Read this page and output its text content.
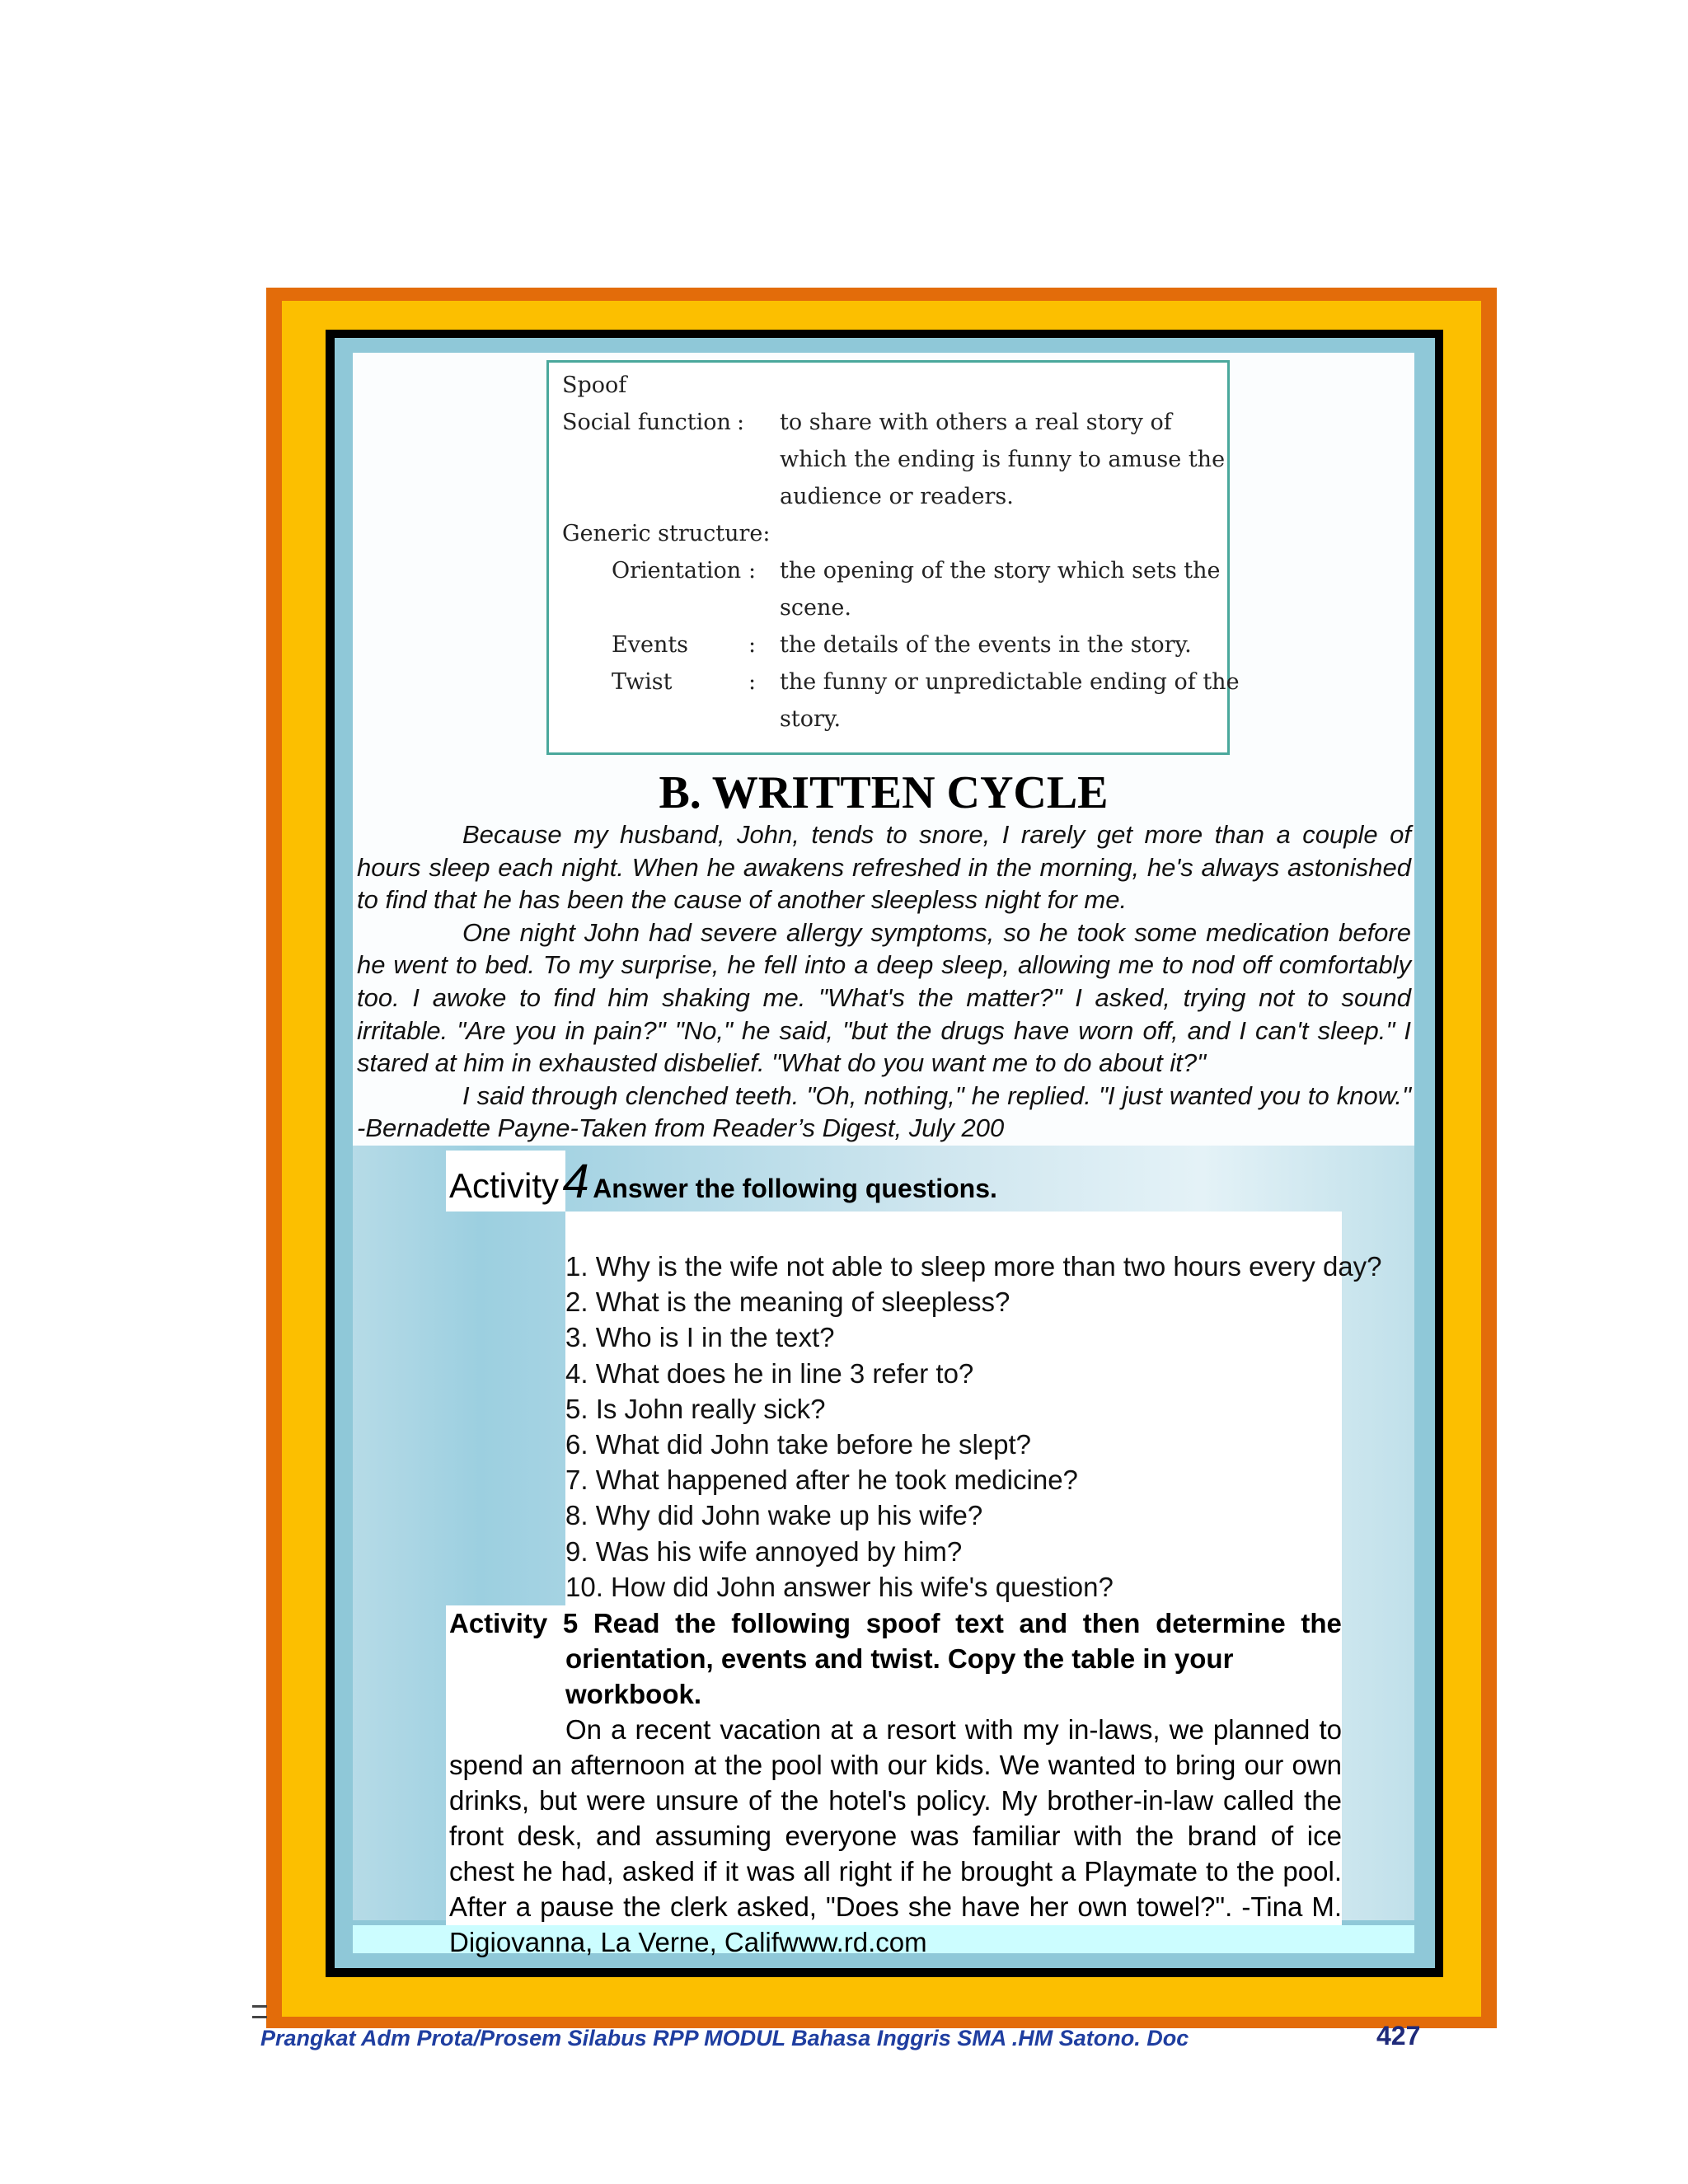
Spoof
Social function : to share with others a real story of
which the ending is funny to amuse the
audience or readers.
Generic structure:
Orientation : the opening of the story which sets the
scene.
Events	: the details of the events in the story.
Twist	: the funny or unpredictable ending of the
story.
B. WRITTEN CYCLE

Because my husband, John, tends to snore, I rarely get more than a couple of hours sleep each night. When he awakens refreshed in the morning, he's always astonished to find that he has been the cause of another sleepless night for me.

One night John had severe allergy symptoms, so he took some medication before he went to bed. To my surprise, he fell into a deep sleep, allowing me to nod off comfortably too. I awoke to find him shaking me. "What's the matter?" I asked, trying not to sound irritable. "Are you in pain?" "No," he said, "but the drugs have worn off, and I can't sleep." I stared at him in exhausted disbelief. "What do you want me to do about it?"

I said through clenched teeth. "Oh, nothing," he replied. "I just wanted you to know." -Bernadette Payne-Taken from Reader’s Digest, July 200

Activity 4 Answer the following questions.
1. Why is the wife not able to sleep more than two hours every day?
2. What is the meaning of sleepless?
3. Who is I in the text?
4. What does he in line 3 refer to?
5. Is John really sick?
6. What did John take before he slept?
7. What happened after he took medicine?
8. Why did John wake up his wife?
9. Was his wife annoyed by him?
10. How did John answer his wife's question?
Activity 5 Read the following spoof text and then determine the
orientation, events and twist. Copy the table in your workbook.
On a recent vacation at a resort with my in-laws, we planned to spend an afternoon at the pool with our kids. We wanted to bring our own drinks, but were unsure of the hotel's policy. My brother-in-law called the front desk, and assuming everyone was familiar with the brand of ice chest he had, asked if it was all right if he brought a Playmate to the pool. After a pause the clerk asked, "Does she have her own towel?". -Tina M. Digiovanna, La Verne, Califwww.rd.com
Prangkat Adm Prota/Prosem Silabus RPP MODUL Bahasa Inggris SMA .HM Satono. Doc	427
